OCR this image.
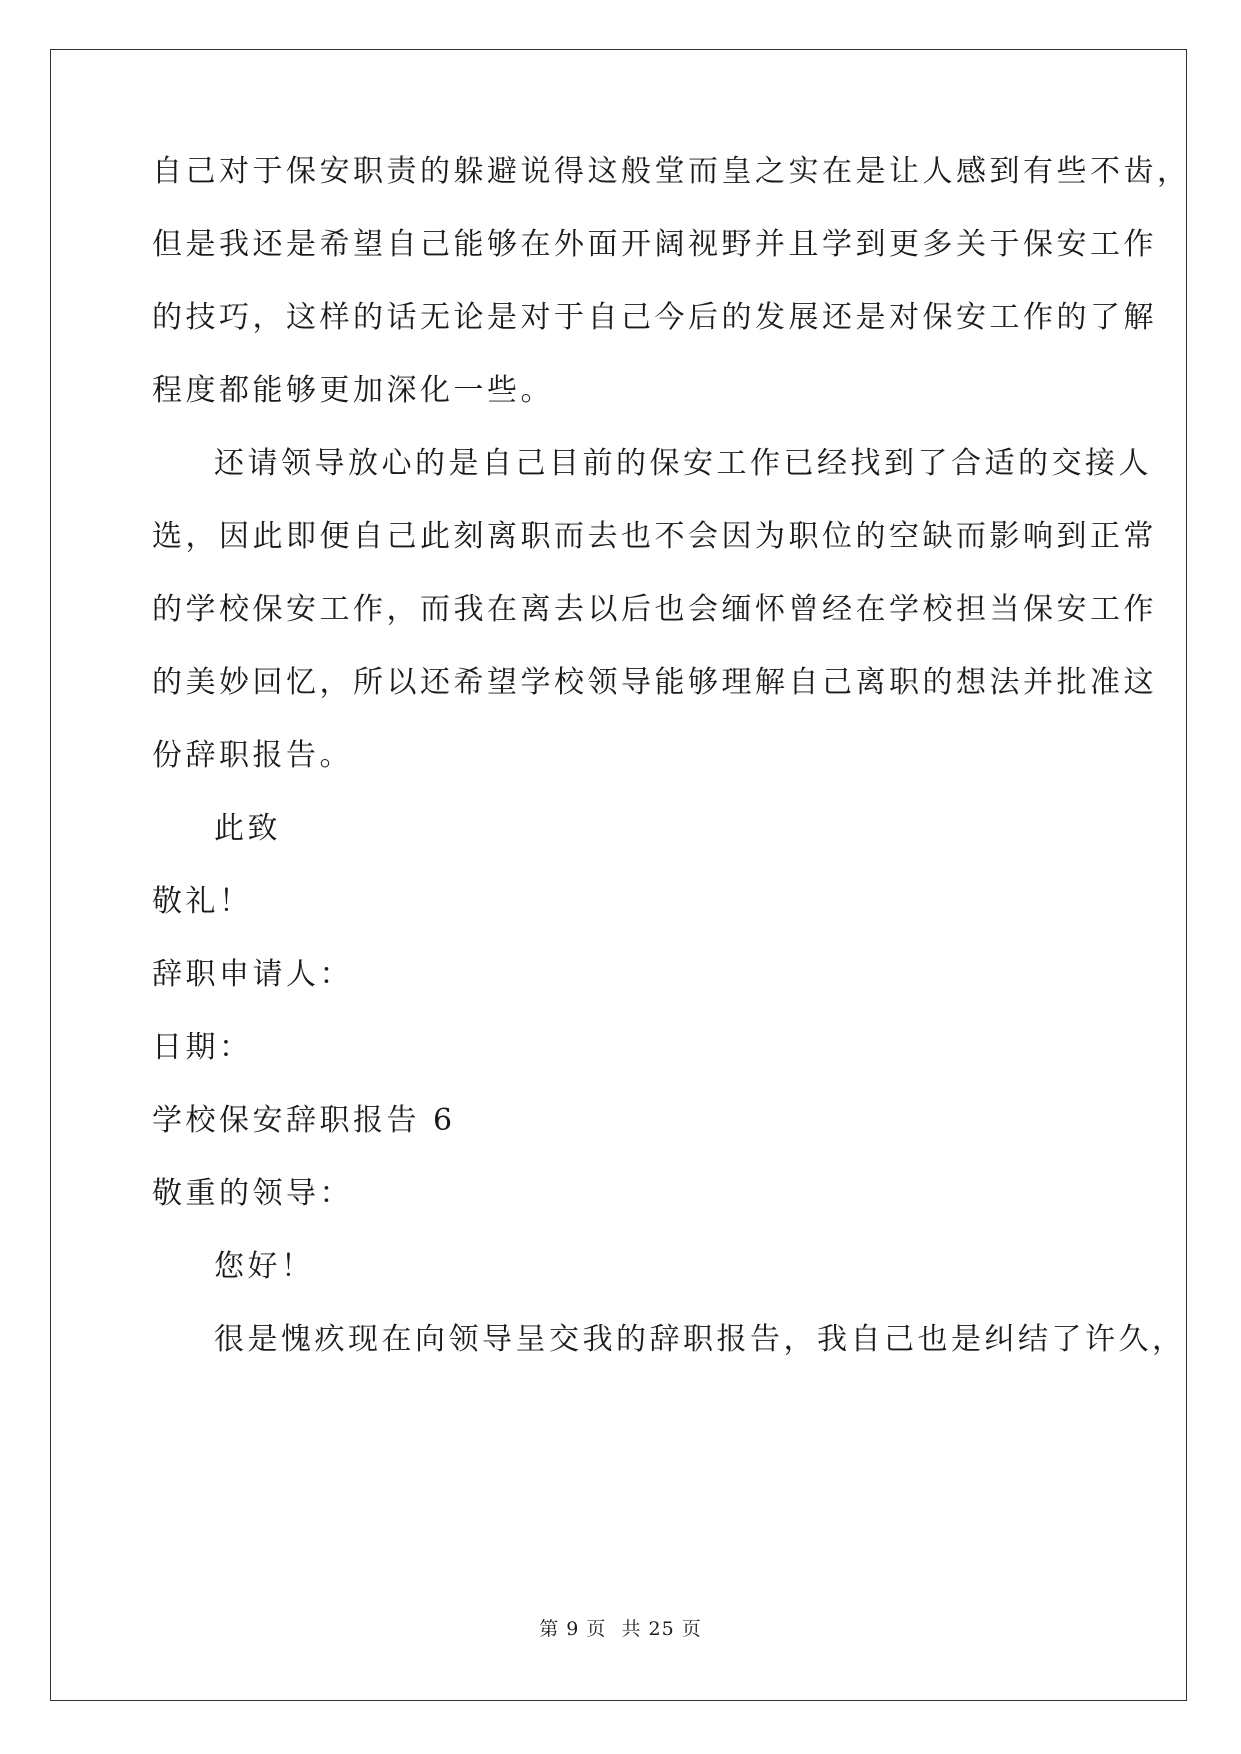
自己对于保安职责的躲避说得这般堂而皇之实在是让人感到有些不齿，
但是我还是希望自己能够在外面开阔视野并且学到更多关于保安工作
的技巧，这样的话无论是对于自己今后的发展还是对保安工作的了解
程度都能够更加深化一些。
还请领导放心的是自己目前的保安工作已经找到了合适的交接人
选，因此即便自己此刻离职而去也不会因为职位的空缺而影响到正常
的学校保安工作，而我在离去以后也会缅怀曾经在学校担当保安工作
的美妙回忆，所以还希望学校领导能够理解自己离职的想法并批准这
份辞职报告。
此致
敬礼！
辞职申请人：
日期：
学校保安辞职报告 6
敬重的领导：
您好！
很是愧疚现在向领导呈交我的辞职报告，我自己也是纠结了许久，
第 9 页 共 25 页
